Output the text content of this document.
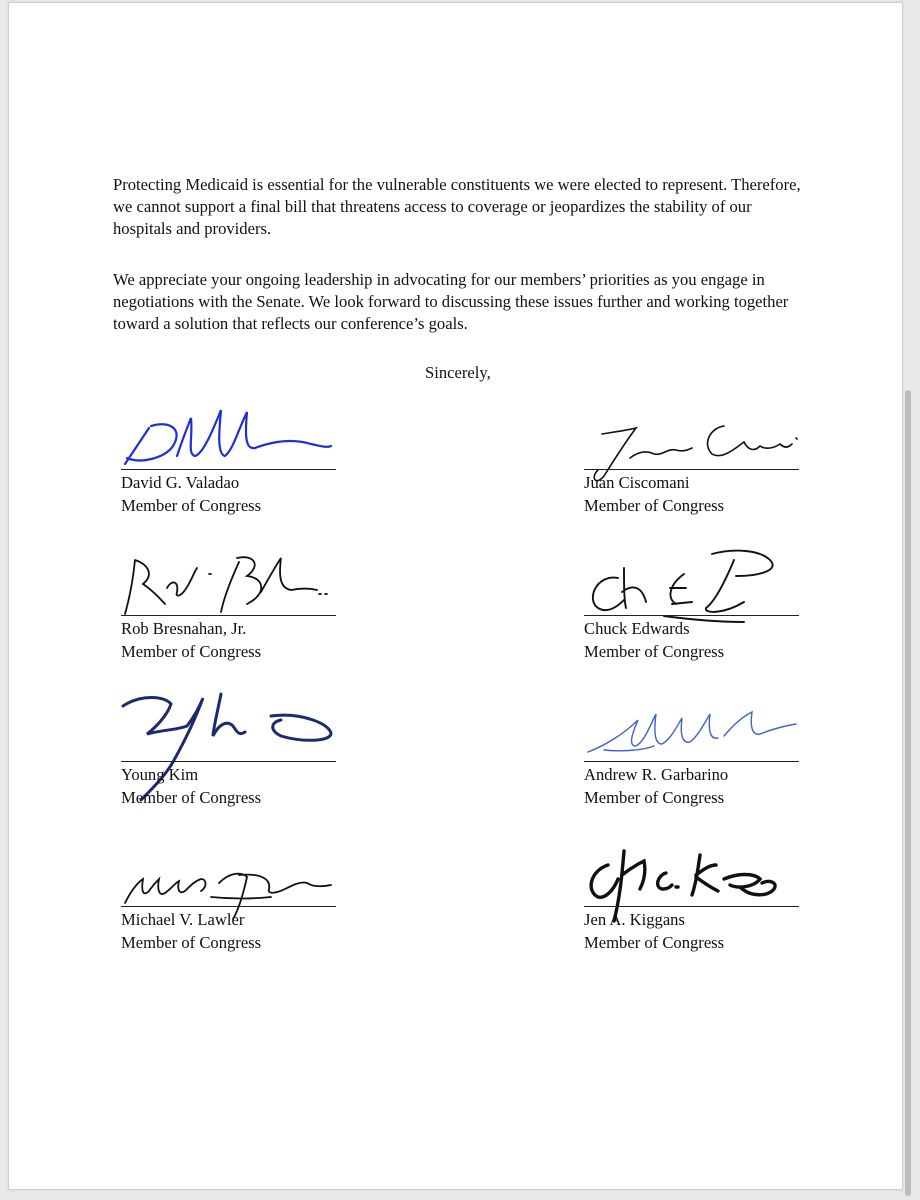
Protecting Medicaid is essential for the vulnerable constituents we were elected to represent. Therefore, we cannot support a final bill that threatens access to coverage or jeopardizes the stability of our hospitals and providers.

We appreciate your ongoing leadership in advocating for our members’ priorities as you engage in negotiations with the Senate. We look forward to discussing these issues further and working together toward a solution that reflects our conference’s goals.

Sincerely,
David G. Valadao
Member of Congress
Juan Ciscomani
Member of Congress
Rob Bresnahan, Jr.
Member of Congress
Chuck Edwards
Member of Congress
Young Kim
Member of Congress
Andrew R. Garbarino
Member of Congress
Michael V. Lawler
Member of Congress
Jen A. Kiggans
Member of Congress
